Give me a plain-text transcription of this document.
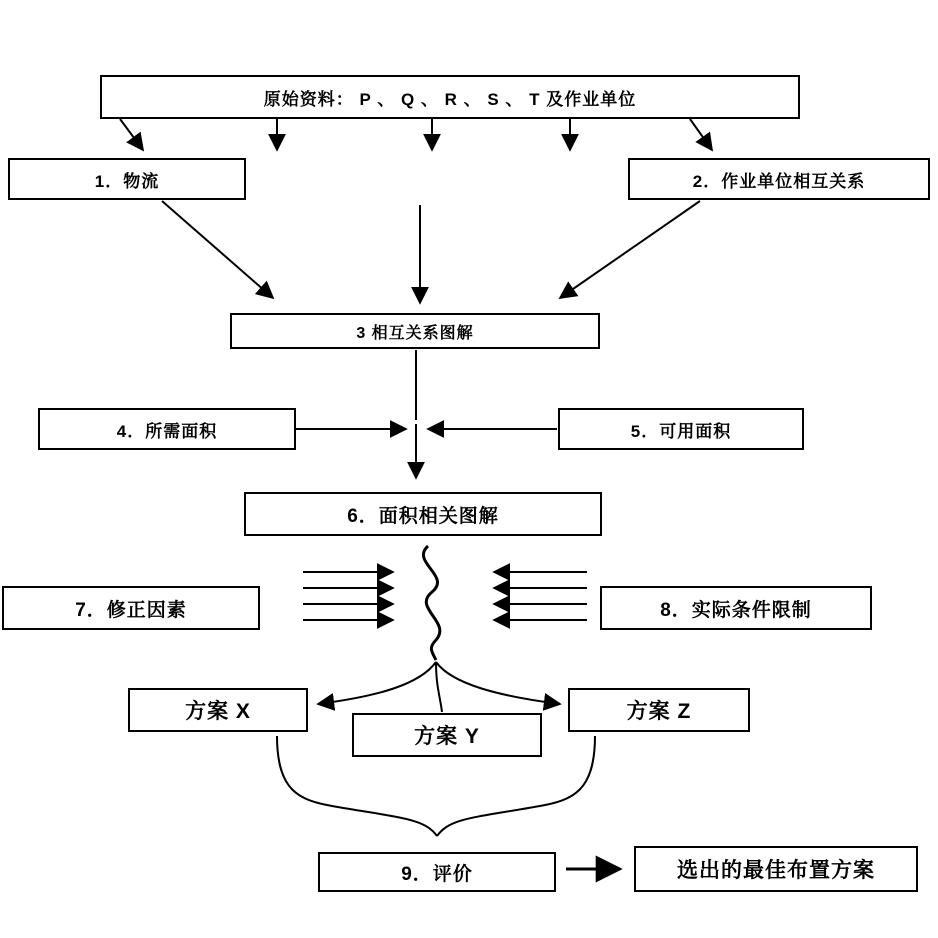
原始资料： P 、 Q 、 R 、 S 、 T 及作业单位
1．物流	2．作业单位相互关系
3 相互关系图解
4．所需面积	5．可用面积
6．面积相关图解
7．修正因素	8．实际条件限制
方案 X
方案 Y
方案 Z
9．评价	选出的最佳布置方案
